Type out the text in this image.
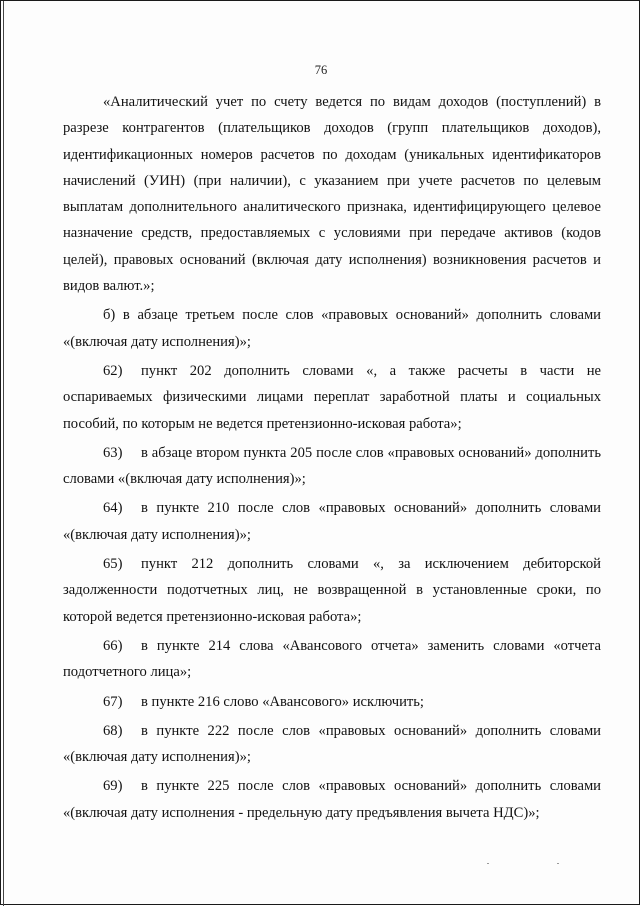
76

«Аналитический учет по счету ведется по видам доходов (поступлений) в разрезе контрагентов (плательщиков доходов (групп плательщиков доходов), идентификационных номеров расчетов по доходам (уникальных идентификаторов начислений (УИН) (при наличии), с указанием при учете расчетов по целевым выплатам дополнительного аналитического признака, идентифицирующего целевое назначение средств, предоставляемых с условиями при передаче активов (кодов целей), правовых оснований (включая дату исполнения) возникновения расчетов и видов валют.»;

б) в абзаце третьем после слов «правовых оснований» дополнить словами «(включая дату исполнения)»;

62) пункт 202 дополнить словами «, а также расчеты в части не оспариваемых физическими лицами переплат заработной платы и социальных пособий, по которым не ведется претензионно-исковая работа»;

63) в абзаце втором пункта 205 после слов «правовых оснований» дополнить словами «(включая дату исполнения)»;

64) в пункте 210 после слов «правовых оснований» дополнить словами «(включая дату исполнения)»;

65) пункт 212 дополнить словами «, за исключением дебиторской задолженности подотчетных лиц, не возвращенной в установленные сроки, по которой ведется претензионно-исковая работа»;

66) в пункте 214 слова «Авансового отчета» заменить словами «отчета подотчетного лица»;

67) в пункте 216 слово «Авансового» исключить;

68) в пункте 222 после слов «правовых оснований» дополнить словами «(включая дату исполнения)»;

69) в пункте 225 после слов «правовых оснований» дополнить словами «(включая дату исполнения - предельную дату предъявления вычета НДС)»;
